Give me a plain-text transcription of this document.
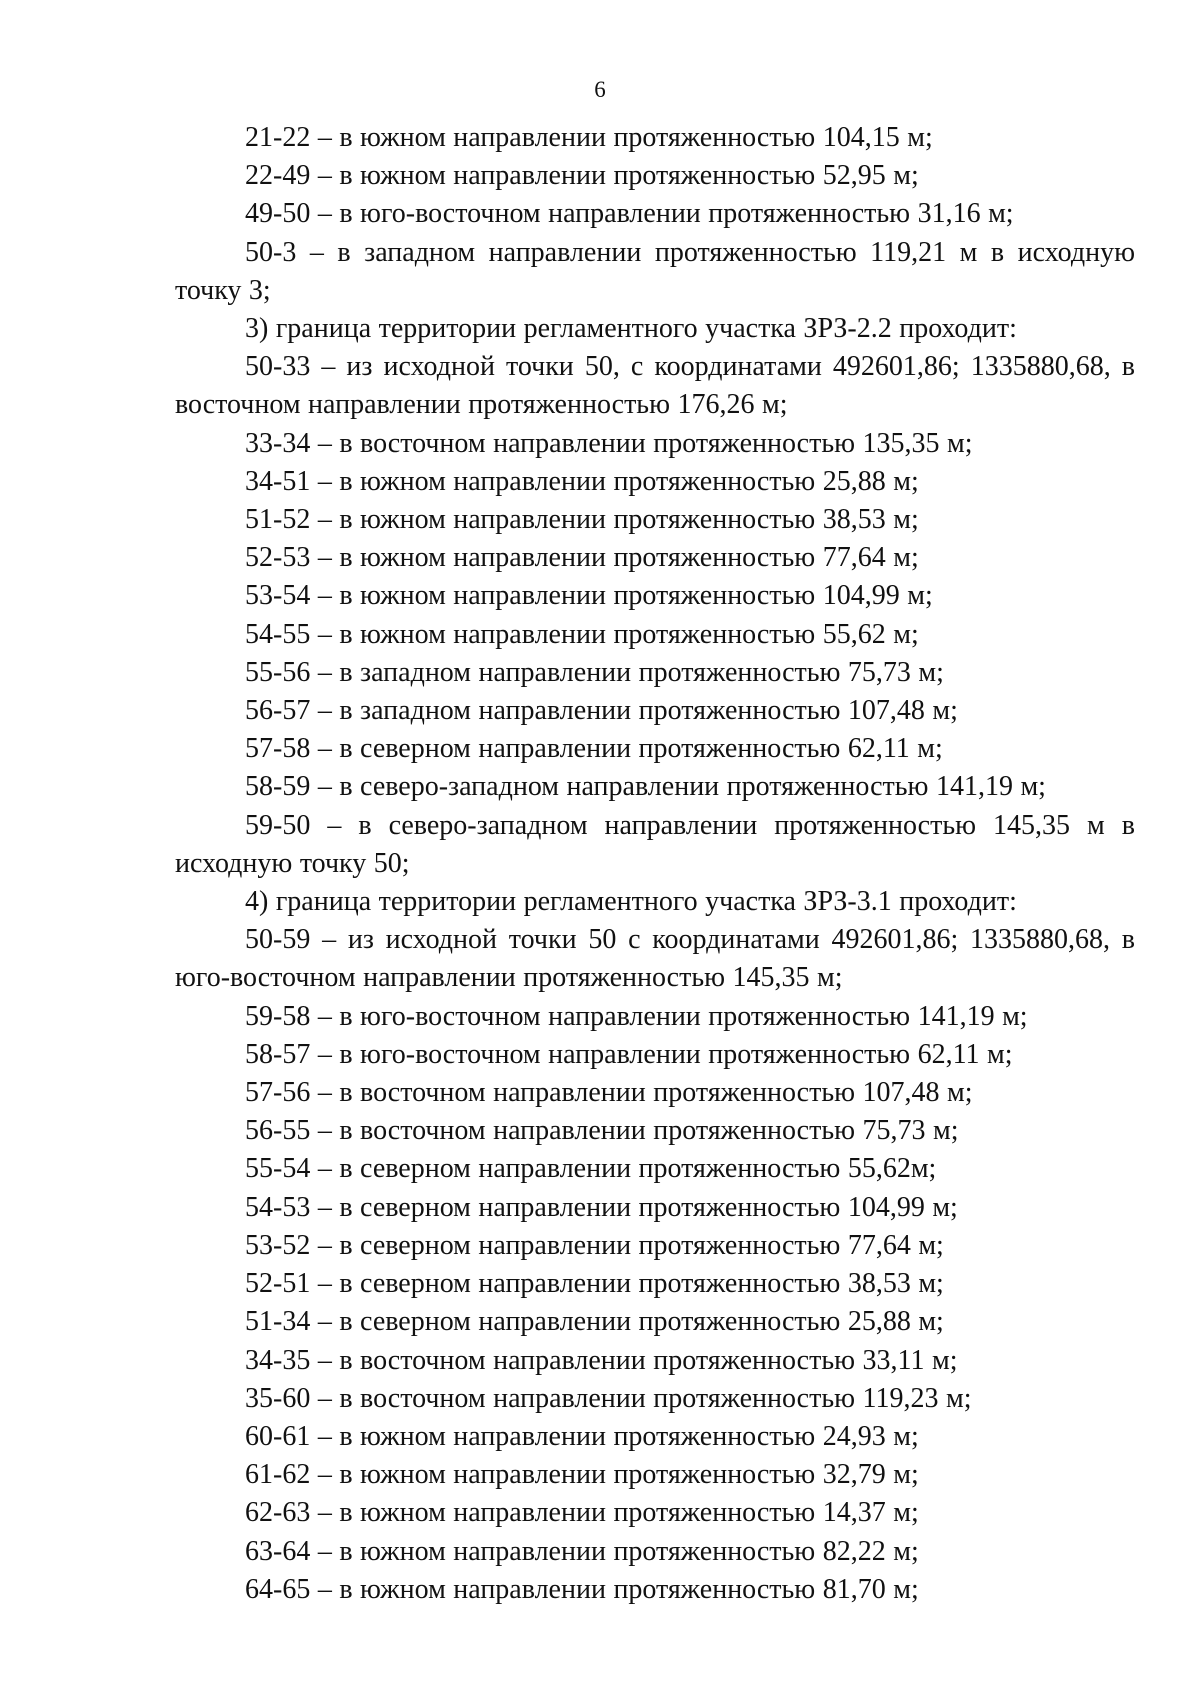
6

21-22 – в южном направлении протяженностью 104,15 м;

22-49 – в южном направлении протяженностью 52,95 м;

49-50 – в юго-восточном направлении протяженностью 31,16 м;

50-3 – в западном направлении протяженностью 119,21 м в исходную точку 3;

3) граница территории регламентного участка ЗРЗ-2.2 проходит:

50-33 – из исходной точки 50, с координатами 492601,86; 1335880,68, в восточном направлении протяженностью 176,26 м;

33-34 – в восточном направлении протяженностью 135,35 м;

34-51 – в южном направлении протяженностью 25,88 м;

51-52 – в южном направлении протяженностью 38,53 м;

52-53 – в южном направлении протяженностью 77,64 м;

53-54 – в южном направлении протяженностью 104,99 м;

54-55 – в южном направлении протяженностью 55,62 м;

55-56 – в западном направлении протяженностью 75,73 м;

56-57 – в западном направлении протяженностью 107,48 м;

57-58 – в северном направлении протяженностью 62,11 м;

58-59 – в северо-западном направлении протяженностью 141,19 м;

59-50 – в северо-западном направлении протяженностью 145,35 м в исходную точку 50;

4) граница территории регламентного участка ЗРЗ-3.1 проходит:

50-59 – из исходной точки 50 с координатами 492601,86; 1335880,68, в юго-восточном направлении протяженностью 145,35 м;

59-58 – в юго-восточном направлении протяженностью 141,19 м;

58-57 – в юго-восточном направлении протяженностью 62,11 м;

57-56 – в восточном направлении протяженностью 107,48 м;

56-55 – в восточном направлении протяженностью 75,73 м;

55-54 – в северном направлении протяженностью 55,62м;

54-53 – в северном направлении протяженностью 104,99 м;

53-52 – в северном направлении протяженностью 77,64 м;

52-51 – в северном направлении протяженностью 38,53 м;

51-34 – в северном направлении протяженностью 25,88 м;

34-35 – в восточном направлении протяженностью 33,11 м;

35-60 – в восточном направлении протяженностью 119,23 м;

60-61 – в южном направлении протяженностью 24,93 м;

61-62 – в южном направлении протяженностью 32,79 м;

62-63 – в южном направлении протяженностью 14,37 м;

63-64 – в южном направлении протяженностью 82,22 м;

64-65 – в южном направлении протяженностью 81,70 м;
